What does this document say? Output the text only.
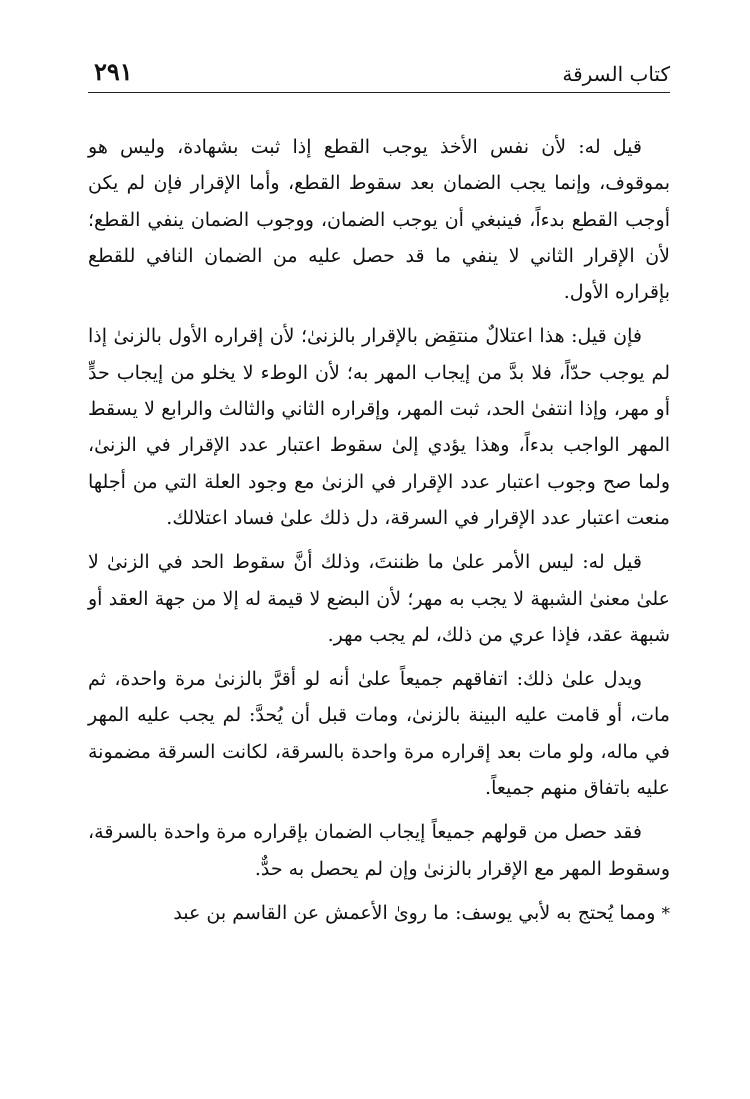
كتاب السرقة
٢٩١

قيل له: لأن نفس الأخذ يوجب القطع إذا ثبت بشهادة، وليس هو بموقوف، وإنما يجب الضمان بعد سقوط القطع، وأما الإقرار فإن لم يكن أوجب القطع بدءاً، فينبغي أن يوجب الضمان، ووجوب الضمان ينفي القطع؛ لأن الإقرار الثاني لا ينفي ما قد حصل عليه من الضمان النافي للقطع بإقراره الأول.

فإن قيل: هذا اعتلالٌ منتقِض بالإقرار بالزنىٰ؛ لأن إقراره الأول بالزنىٰ إذا لم يوجب حدّاً، فلا بدَّ من إيجاب المهر به؛ لأن الوطء لا يخلو من إيجاب حدٍّ أو مهر، وإذا انتفىٰ الحد، ثبت المهر، وإقراره الثاني والثالث والرابع لا يسقط المهر الواجب بدءاً، وهذا يؤدي إلىٰ سقوط اعتبار عدد الإقرار في الزنىٰ، ولما صح وجوب اعتبار عدد الإقرار في الزنىٰ مع وجود العلة التي من أجلها منعت اعتبار عدد الإقرار في السرقة، دل ذلك علىٰ فساد اعتلالك.

قيل له: ليس الأمر علىٰ ما ظننتَ، وذلك أنَّ سقوط الحد في الزنىٰ لا علىٰ معنىٰ الشبهة لا يجب به مهر؛ لأن البضع لا قيمة له إلا من جهة العقد أو شبهة عقد، فإذا عري من ذلك، لم يجب مهر.

ويدل علىٰ ذلك: اتفاقهم جميعاً علىٰ أنه لو أقرَّ بالزنىٰ مرة واحدة، ثم مات، أو قامت عليه البينة بالزنىٰ، ومات قبل أن يُحدَّ: لم يجب عليه المهر في ماله، ولو مات بعد إقراره مرة واحدة بالسرقة، لكانت السرقة مضمونة عليه باتفاق منهم جميعاً.

فقد حصل من قولهم جميعاً إيجاب الضمان بإقراره مرة واحدة بالسرقة، وسقوط المهر مع الإقرار بالزنىٰ وإن لم يحصل به حدٌّ.

* ومما يُحتج به لأبي يوسف: ما روىٰ الأعمش عن القاسم بن عبد
